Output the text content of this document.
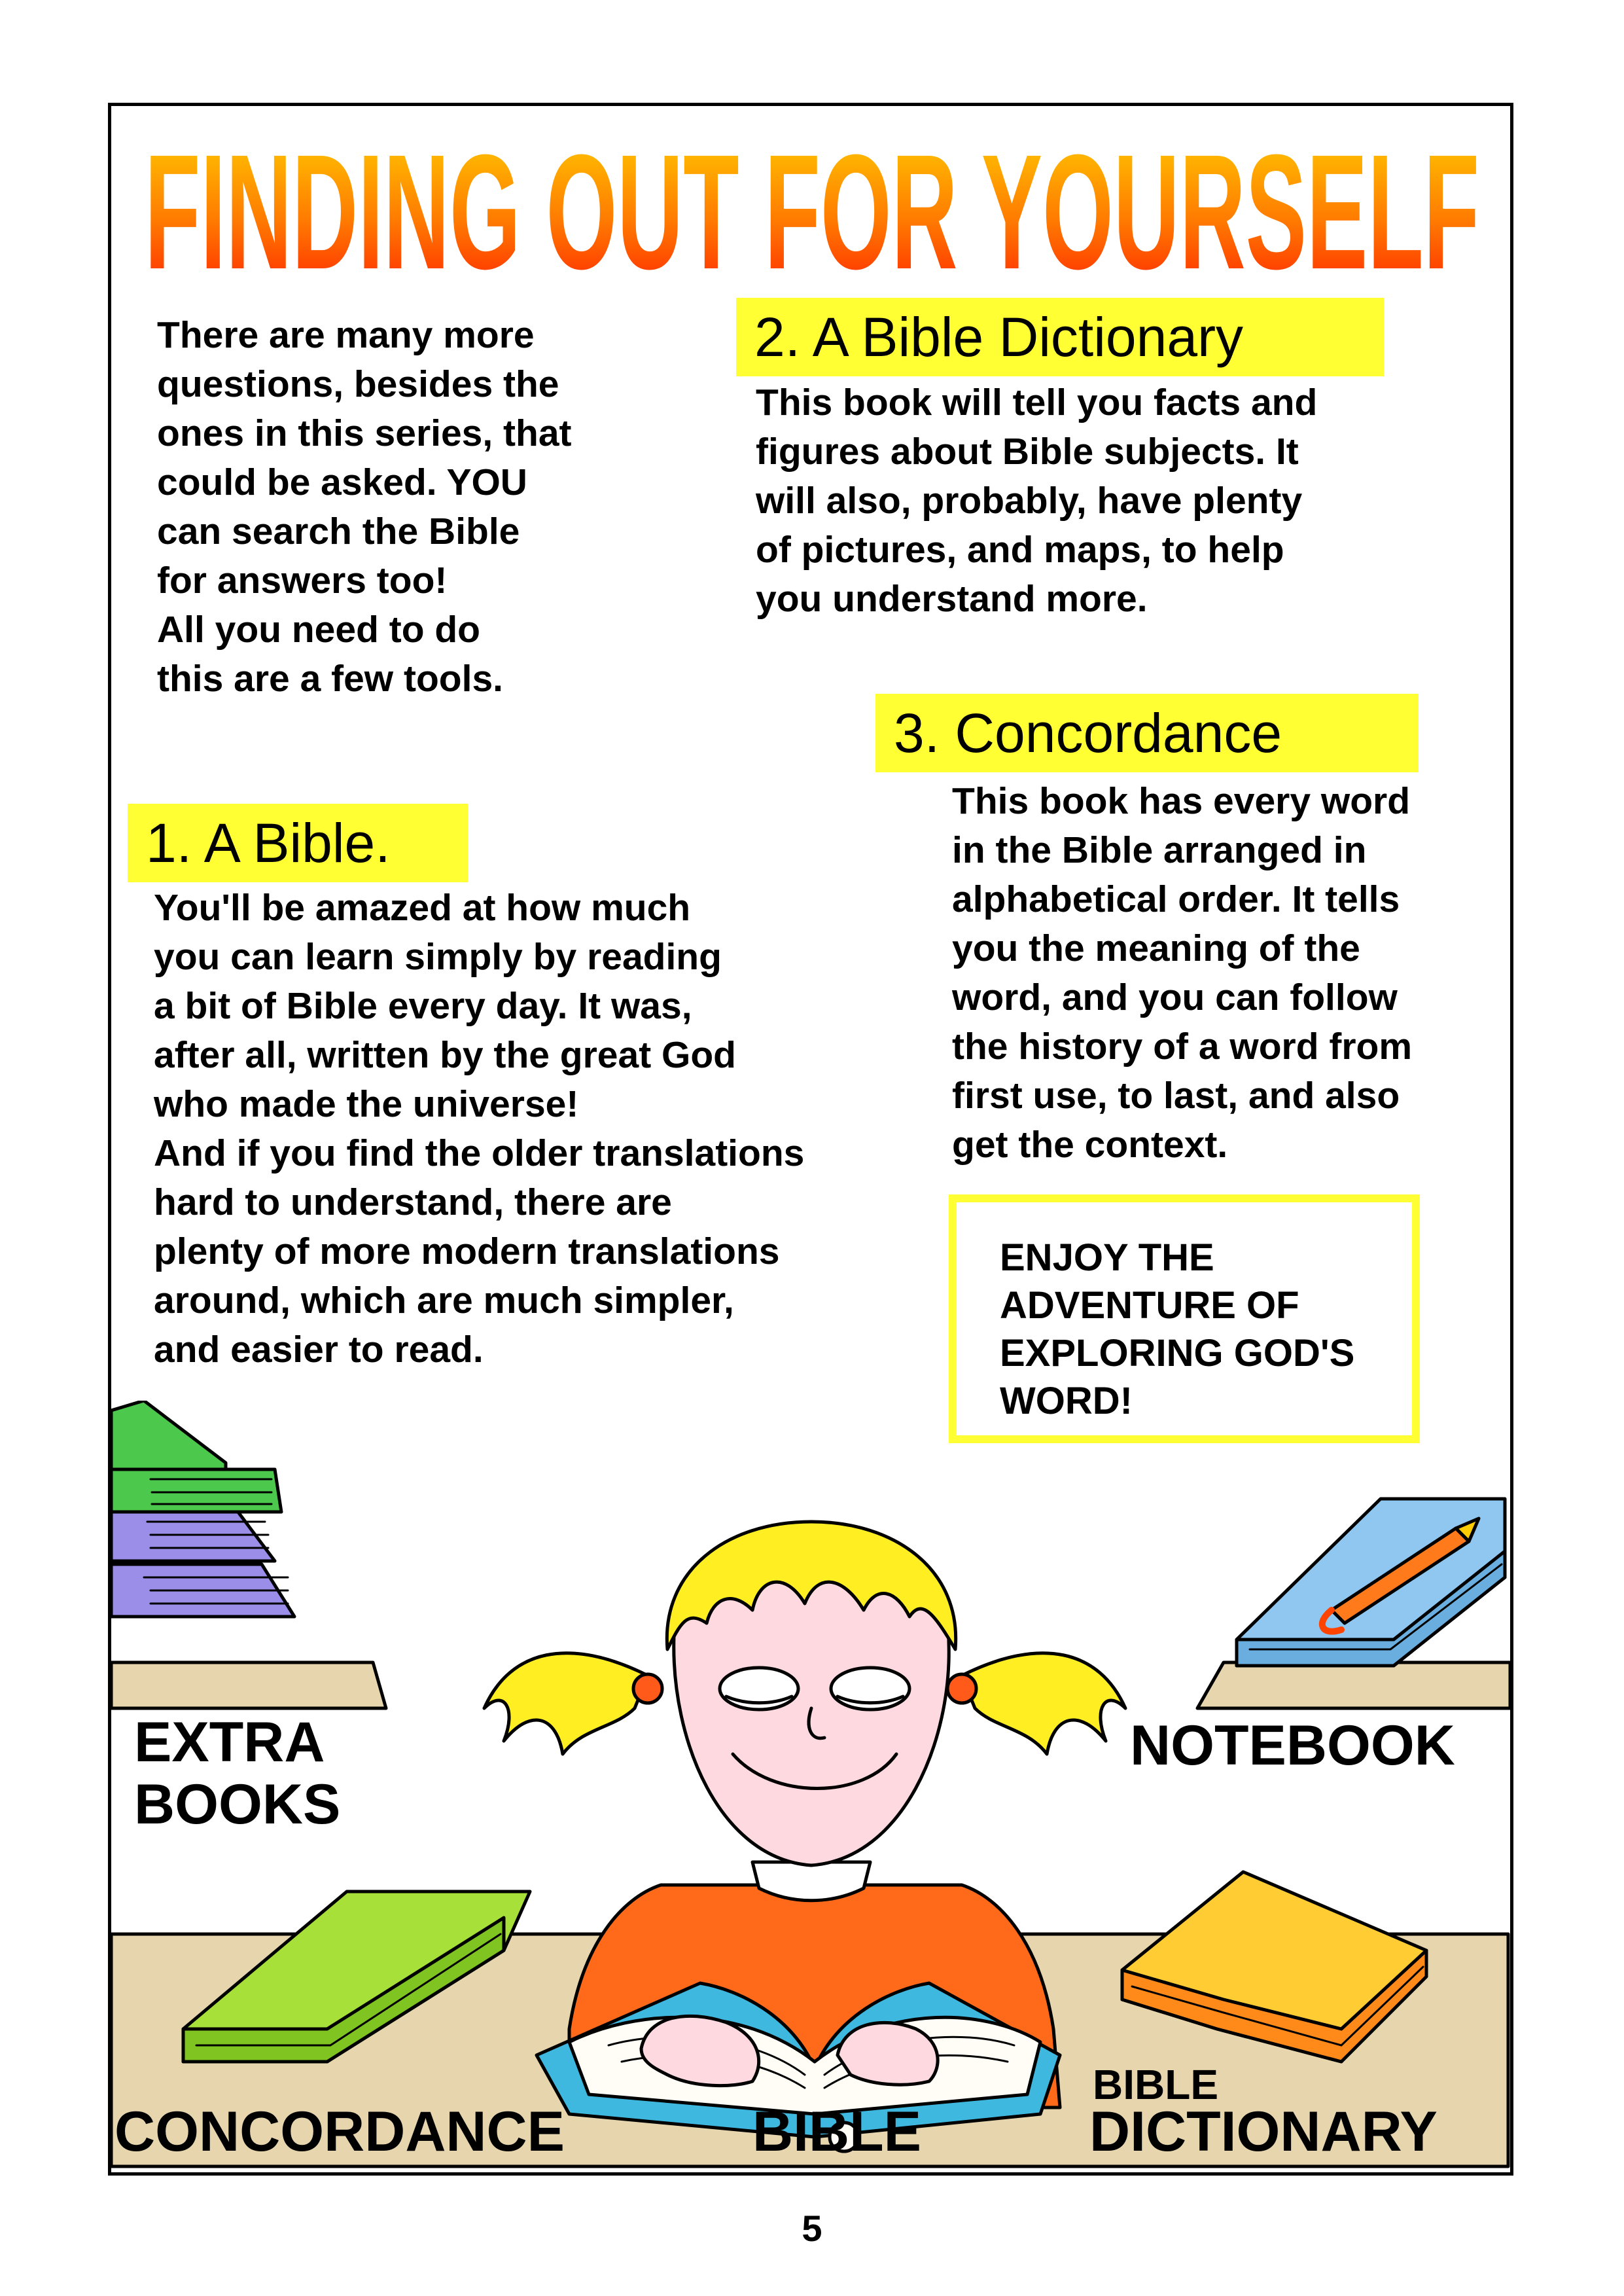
FINDING OUT FOR YOURSELF
There are many more
questions, besides the
ones in this series, that
could be asked. YOU
can search the Bible
for answers too!
All you need to do
this are a few tools.
2. A Bible Dictionary
This book will tell you facts and
figures about Bible subjects. It
will also, probably, have plenty
of pictures, and maps, to help
you understand more.
3. Concordance
This book has every word
in the Bible arranged in
alphabetical order. It tells
you the meaning of the
word, and you can follow
the history of a word from
first use, to last, and also
get the context.
1. A Bible.
You'll be amazed at how much
you can learn simply by reading
a bit of Bible every day. It was,
after all, written by the great God
who made the universe!
And if you find the older translations
hard to understand, there are
plenty of more modern translations
around, which are much simpler,
and easier to read.
ENJOY THE
ADVENTURE OF
EXPLORING GOD'S
WORD!
EXTRA
BOOKS
NOTEBOOK
CONCORDANCE	BIBLE
BIBLE
DICTIONARY
5
